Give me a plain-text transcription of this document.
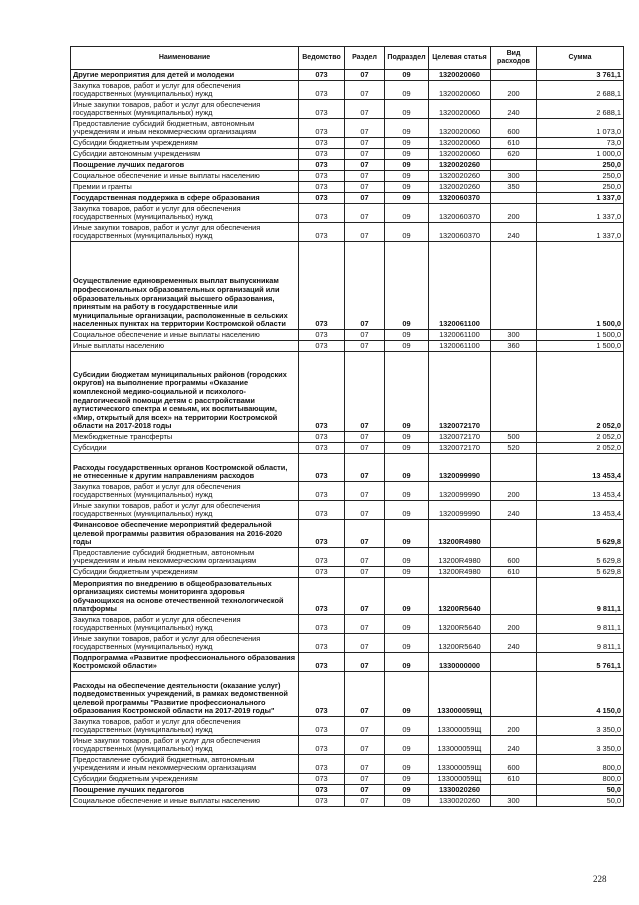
Наименование	Ведомство	Раздел	Подраздел	Целевая статья	Вид расходов	Сумма
Другие мероприятия для детей и молодежи	073	07	09	1320020060		3 761,1
Закупка товаров, работ и услуг для обеспечения государственных (муниципальных) нужд	073	07	09	1320020060	200	2 688,1
Иные закупки товаров, работ и услуг для обеспечения государственных (муниципальных) нужд	073	07	09	1320020060	240	2 688,1
Предоставление субсидий бюджетным, автономным учреждениям и иным некоммерческим организациям	073	07	09	1320020060	600	1 073,0
Субсидии бюджетным учреждениям	073	07	09	1320020060	610	73,0
Субсидии автономным учреждениям	073	07	09	1320020060	620	1 000,0
Поощрение лучших педагогов	073	07	09	1320020260		250,0
Социальное обеспечение и иные выплаты населению	073	07	09	1320020260	300	250,0
Премии и гранты	073	07	09	1320020260	350	250,0
Государственная поддержка в сфере образования	073	07	09	1320060370		1 337,0
Закупка товаров, работ и услуг для обеспечения государственных (муниципальных) нужд	073	07	09	1320060370	200	1 337,0
Иные закупки товаров, работ и услуг для обеспечения государственных (муниципальных) нужд	073	07	09	1320060370	240	1 337,0
Осуществление единовременных выплат выпускникам профессиональных образовательных организаций или образовательных организаций высшего образования, принятым на работу в государственные или муниципальные организации, расположенные в сельских населенных пунктах на территории Костромской области	073	07	09	1320061100		1 500,0
Социальное обеспечение и иные выплаты населению	073	07	09	1320061100	300	1 500,0
Иные выплаты населению	073	07	09	1320061100	360	1 500,0
Субсидии бюджетам муниципальных районов (городских округов) на выполнение программы «Оказание комплексной медико-социальной и психолого-педагогической помощи детям с расстройствами аутистического спектра и семьям, их воспитывающим, «Мир, открытый для всех» на территории Костромской области на 2017-2018 годы	073	07	09	1320072170		2 052,0
Межбюджетные трансферты	073	07	09	1320072170	500	2 052,0
Субсидии	073	07	09	1320072170	520	2 052,0
Расходы государственных органов Костромской области, не отнесенные к другим направлениям расходов	073	07	09	1320099990		13 453,4
Закупка товаров, работ и услуг для обеспечения государственных (муниципальных) нужд	073	07	09	1320099990	200	13 453,4
Иные закупки товаров, работ и услуг для обеспечения государственных (муниципальных) нужд	073	07	09	1320099990	240	13 453,4
Финансовое обеспечение мероприятий федеральной целевой программы развития образования на 2016-2020 годы	073	07	09	13200R4980		5 629,8
Предоставление субсидий бюджетным, автономным учреждениям и иным некоммерческим организациям	073	07	09	13200R4980	600	5 629,8
Субсидии бюджетным учреждениям	073	07	09	13200R4980	610	5 629,8
Мероприятия по внедрению в общеобразовательных организациях системы мониторинга здоровья обучающихся на основе отечественной технологической платформы	073	07	09	13200R5640		9 811,1
Закупка товаров, работ и услуг для обеспечения государственных (муниципальных) нужд	073	07	09	13200R5640	200	9 811,1
Иные закупки товаров, работ и услуг для обеспечения государственных (муниципальных) нужд	073	07	09	13200R5640	240	9 811,1
Подпрограмма «Развитие профессионального образования Костромской области»	073	07	09	1330000000		5 761,1
Расходы на обеспечение деятельности (оказание услуг) подведомственных учреждений, в рамках ведомственной целевой программы "Развитие профессионального образования Костромской области на 2017-2019 годы"	073	07	09	133000059Щ		4 150,0
Закупка товаров, работ и услуг для обеспечения государственных (муниципальных) нужд	073	07	09	133000059Щ	200	3 350,0
Иные закупки товаров, работ и услуг для обеспечения государственных (муниципальных) нужд	073	07	09	133000059Щ	240	3 350,0
Предоставление субсидий бюджетным, автономным учреждениям и иным некоммерческим организациям	073	07	09	133000059Щ	600	800,0
Субсидии бюджетным учреждениям	073	07	09	133000059Щ	610	800,0
Поощрение лучших педагогов	073	07	09	1330020260		50,0
Социальное обеспечение и иные выплаты населению	073	07	09	1330020260	300	50,0
228
